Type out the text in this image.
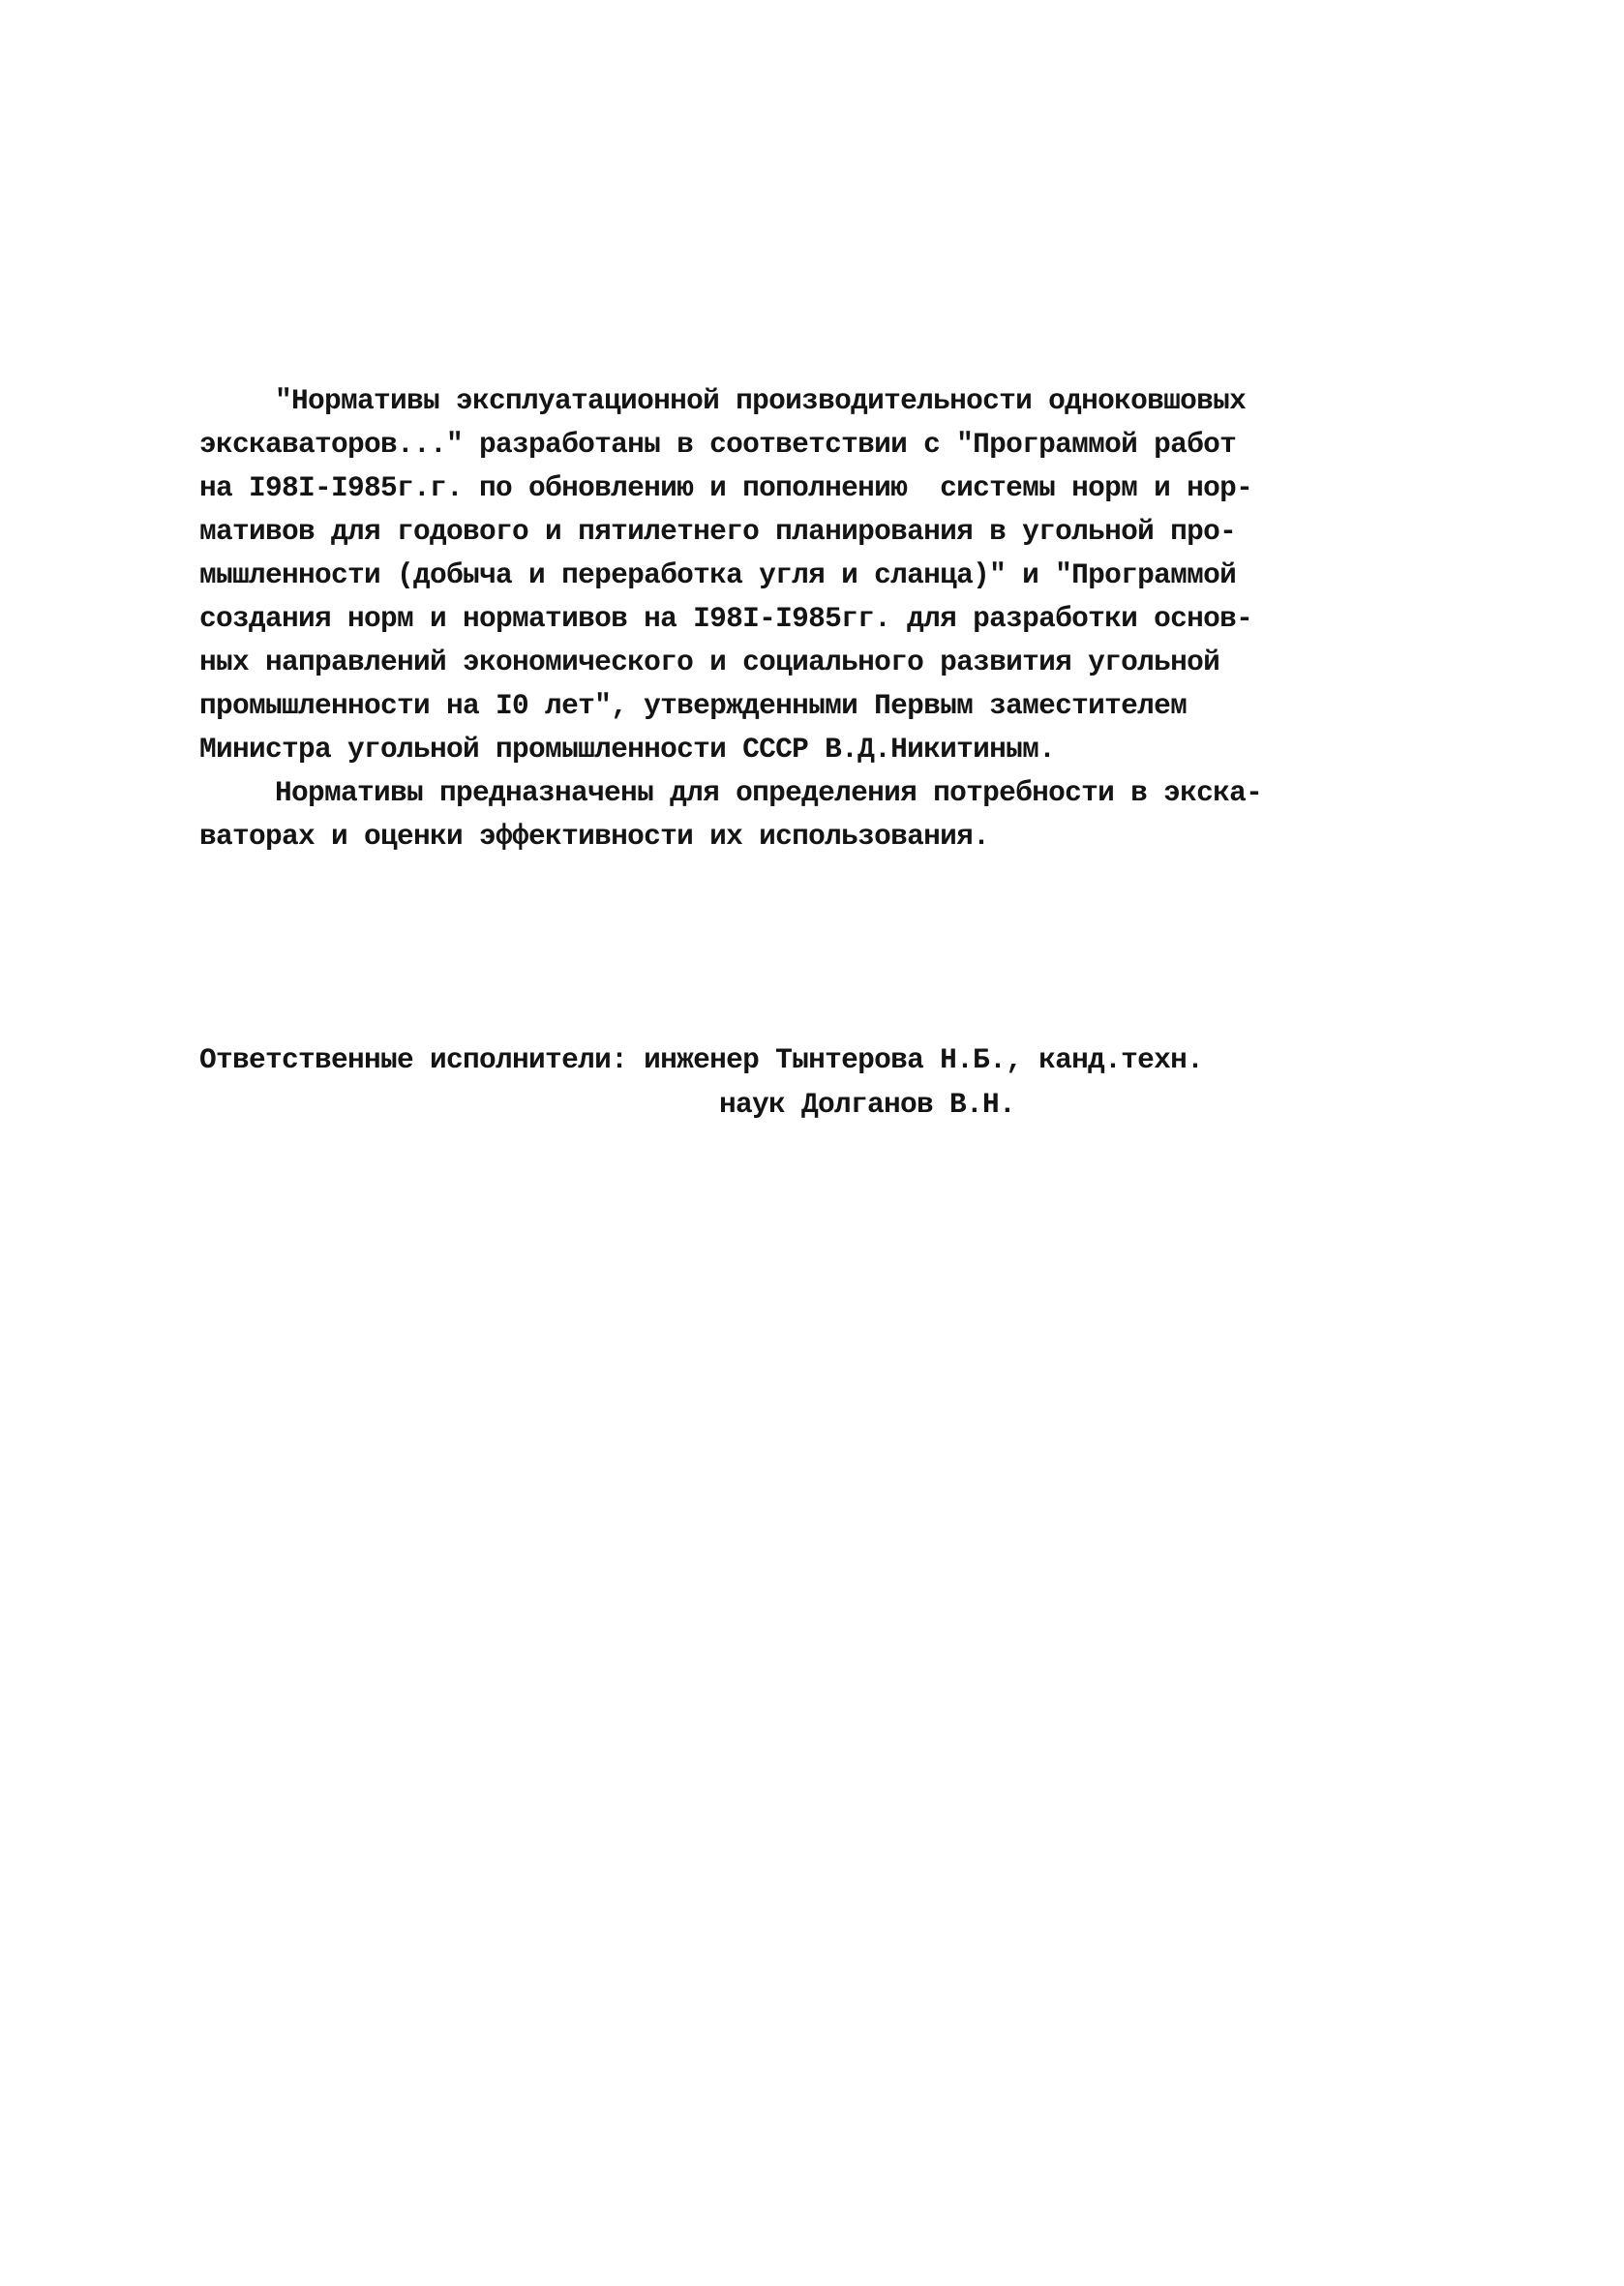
"Нормативы эксплуатационной производительности одноковшовых
экскаваторов..." разработаны в соответствии с "Программой работ
на I98I-I985г.г. по обновлению и пополнению  системы норм и нор-
мативов для годового и пятилетнего планирования в угольной про-
мышленности (добыча и переработка угля и сланца)" и "Программой
создания норм и нормативов на I98I-I985гг. для разработки основ-
ных направлений экономического и социального развития угольной
промышленности на I0 лет", утвержденными Первым заместителем
Министра угольной промышленности СССР В.Д.Никитиным.
Нормативы предназначены для определения потребности в экска-
ваторах и оценки эффективности их использования.
Ответственные исполнители: инженер Тынтерова Н.Б., канд.техн.
наук Долганов В.Н.
